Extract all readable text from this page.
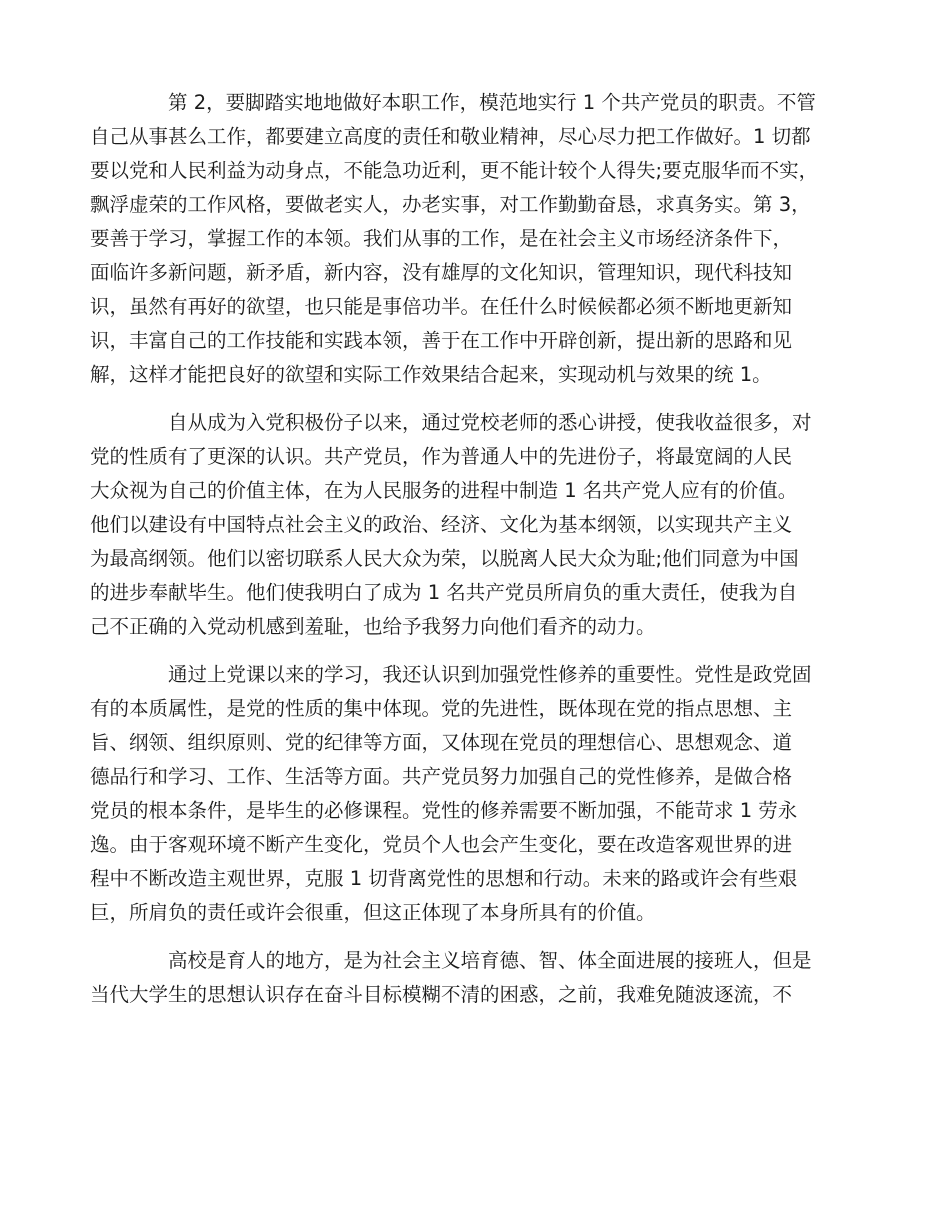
第 2，要脚踏实地地做好本职工作，模范地实行 1 个共产党员的职责。不管
自己从事甚么工作，都要建立高度的责任和敬业精神，尽心尽力把工作做好。1 切都
要以党和人民利益为动身点，不能急功近利，更不能计较个人得失;要克服华而不实，
飘浮虚荣的工作风格，要做老实人，办老实事，对工作勤勤奋恳，求真务实。第 3，
要善于学习，掌握工作的本领。我们从事的工作，是在社会主义市场经济条件下，
面临许多新问题，新矛盾，新内容，没有雄厚的文化知识，管理知识，现代科技知
识，虽然有再好的欲望，也只能是事倍功半。在任什么时候候都必须不断地更新知
识，丰富自己的工作技能和实践本领，善于在工作中开辟创新，提出新的思路和见
解，这样才能把良好的欲望和实际工作效果结合起来，实现动机与效果的统 1。

自从成为入党积极份子以来，通过党校老师的悉心讲授，使我收益很多，对
党的性质有了更深的认识。共产党员，作为普通人中的先进份子，将最宽阔的人民
大众视为自己的价值主体，在为人民服务的进程中制造 1 名共产党人应有的价值。
他们以建设有中国特点社会主义的政治、经济、文化为基本纲领，以实现共产主义
为最高纲领。他们以密切联系人民大众为荣，以脱离人民大众为耻;他们同意为中国
的进步奉献毕生。他们使我明白了成为 1 名共产党员所肩负的重大责任，使我为自
己不正确的入党动机感到羞耻，也给予我努力向他们看齐的动力。

通过上党课以来的学习，我还认识到加强党性修养的重要性。党性是政党固
有的本质属性，是党的性质的集中体现。党的先进性，既体现在党的指点思想、主
旨、纲领、组织原则、党的纪律等方面，又体现在党员的理想信心、思想观念、道
德品行和学习、工作、生活等方面。共产党员努力加强自己的党性修养，是做合格
党员的根本条件，是毕生的必修课程。党性的修养需要不断加强，不能苛求 1 劳永
逸。由于客观环境不断产生变化，党员个人也会产生变化，要在改造客观世界的进
程中不断改造主观世界，克服 1 切背离党性的思想和行动。未来的路或许会有些艰
巨，所肩负的责任或许会很重，但这正体现了本身所具有的价值。

高校是育人的地方，是为社会主义培育德、智、体全面进展的接班人，但是
当代大学生的思想认识存在奋斗目标模糊不清的困惑，之前，我难免随波逐流，不
